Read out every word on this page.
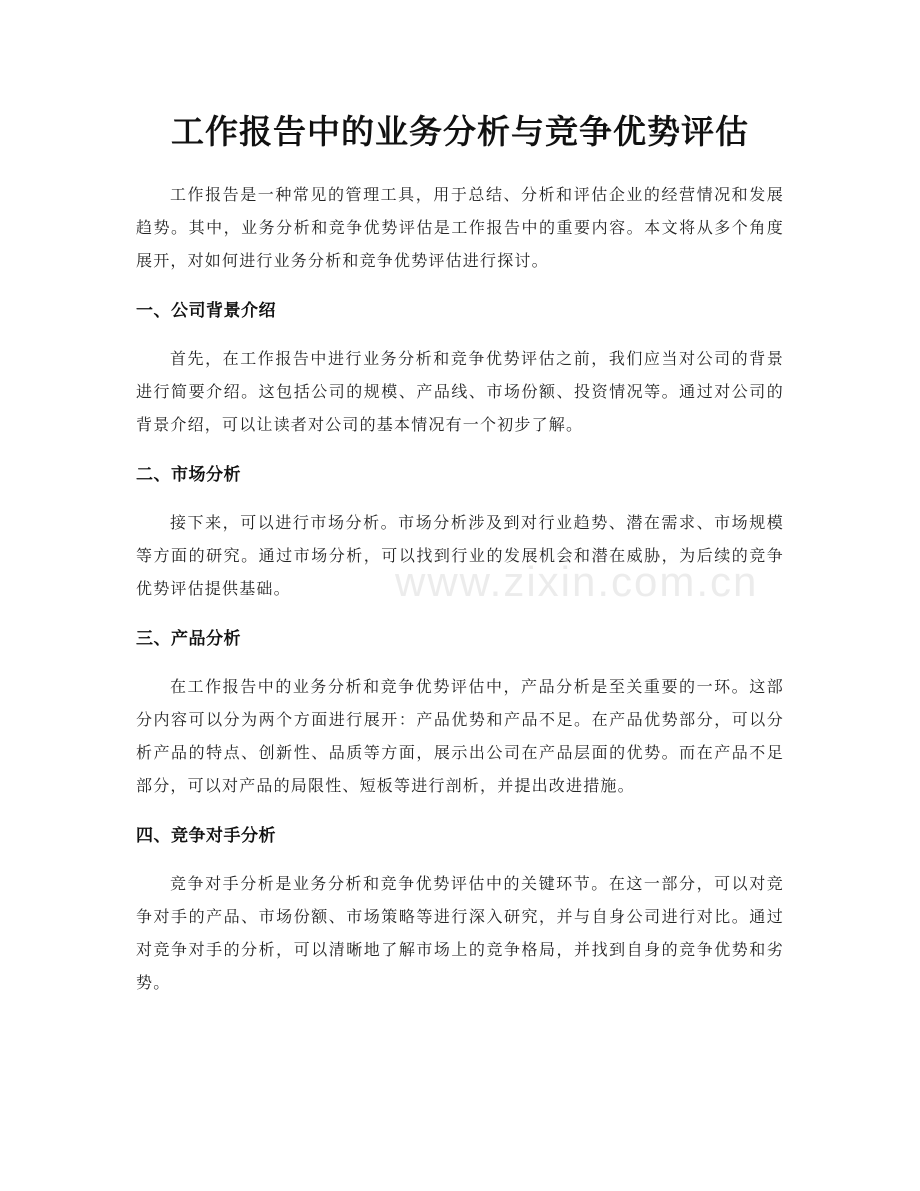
工作报告中的业务分析与竞争优势评估

工作报告是一种常见的管理工具，用于总结、分析和评估企业的经营情况和发展趋势。其中，业务分析和竞争优势评估是工作报告中的重要内容。本文将从多个角度展开，对如何进行业务分析和竞争优势评估进行探讨。

一、公司背景介绍

首先，在工作报告中进行业务分析和竞争优势评估之前，我们应当对公司的背景进行简要介绍。这包括公司的规模、产品线、市场份额、投资情况等。通过对公司的背景介绍，可以让读者对公司的基本情况有一个初步了解。

二、市场分析

接下来，可以进行市场分析。市场分析涉及到对行业趋势、潜在需求、市场规模等方面的研究。通过市场分析，可以找到行业的发展机会和潜在威胁，为后续的竞争优势评估提供基础。

三、产品分析

在工作报告中的业务分析和竞争优势评估中，产品分析是至关重要的一环。这部分内容可以分为两个方面进行展开：产品优势和产品不足。在产品优势部分，可以分析产品的特点、创新性、品质等方面，展示出公司在产品层面的优势。而在产品不足部分，可以对产品的局限性、短板等进行剖析，并提出改进措施。

四、竞争对手分析

竞争对手分析是业务分析和竞争优势评估中的关键环节。在这一部分，可以对竞争对手的产品、市场份额、市场策略等进行深入研究，并与自身公司进行对比。通过对竞争对手的分析，可以清晰地了解市场上的竞争格局，并找到自身的竞争优势和劣势。

www.zixin.com.cn
